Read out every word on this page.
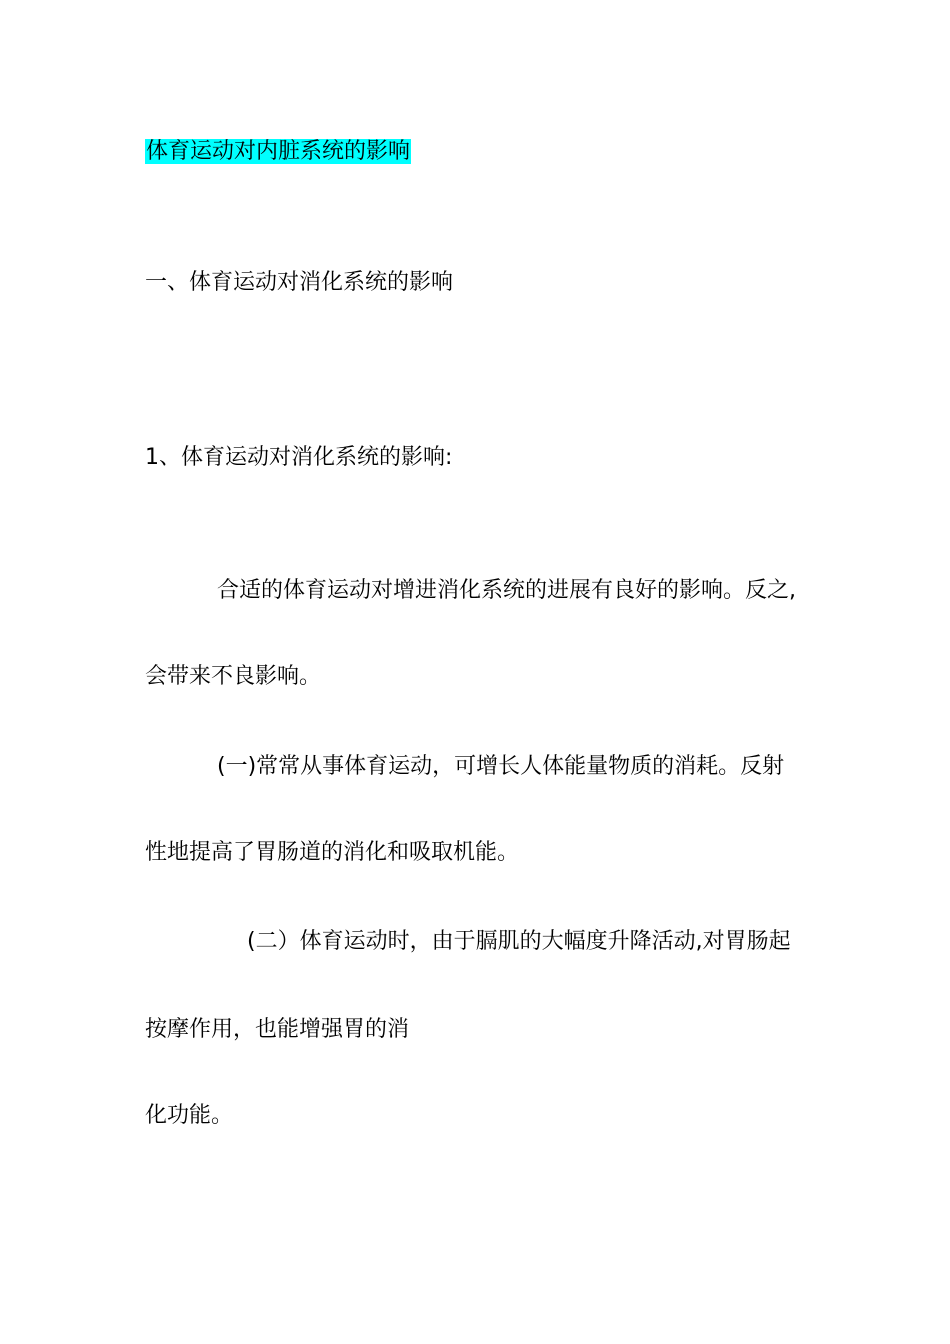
体育运动对内脏系统的影响
一、体育运动对消化系统的影响
1、体育运动对消化系统的影响:
合适的体育运动对增进消化系统的进展有良好的影响。反之,
会带来不良影响。
(一)常常从事体育运动，可增长人体能量物质的消耗。反射
性地提高了胃肠道的消化和吸取机能。
(二）体育运动时，由于膈肌的大幅度升降活动,对胃肠起
按摩作用，也能增强胃的消
化功能。
